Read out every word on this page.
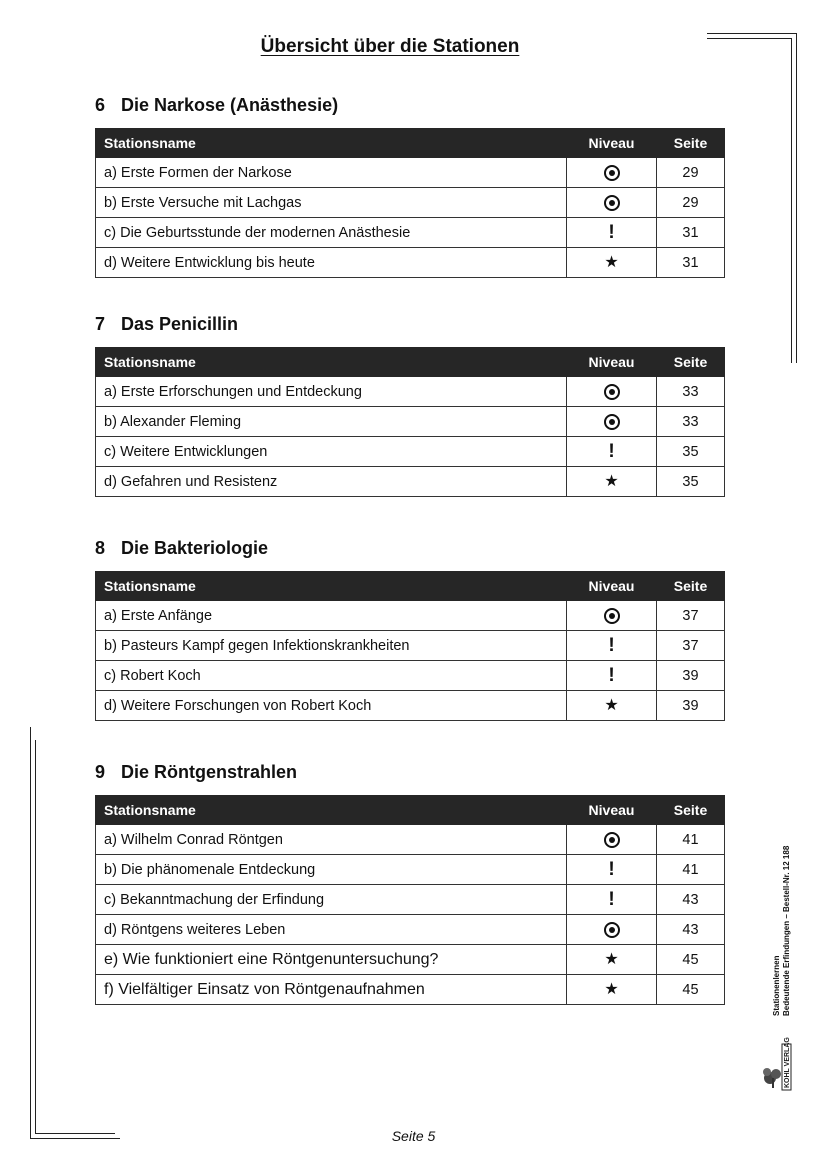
Übersicht über die Stationen
6 Die Narkose (Anästhesie)
Stationsname	Niveau	Seite
a) Erste Formen der Narkose		29
b) Erste Versuche mit Lachgas		29
c) Die Geburtsstunde der modernen Anästhesie	!	31
d) Weitere Entwicklung bis heute	★	31
7 Das Penicillin
Stationsname	Niveau	Seite
a) Erste Erforschungen und Entdeckung		33
b) Alexander Fleming		33
c) Weitere Entwicklungen	!	35
d) Gefahren und Resistenz	★	35
8 Die Bakteriologie
Stationsname	Niveau	Seite
a) Erste Anfänge		37
b) Pasteurs Kampf gegen Infektionskrankheiten	!	37
c) Robert Koch	!	39
d) Weitere Forschungen von Robert Koch	★	39
9 Die Röntgenstrahlen
Stationsname	Niveau	Seite
a) Wilhelm Conrad Röntgen		41
b) Die phänomenale Entdeckung	!	41
c) Bekanntmachung der Erfindung	!	43
d) Röntgens weiteres Leben		43
e) Wie funktioniert eine Röntgenuntersuchung?	★	45
f) Vielfältiger Einsatz von Röntgenaufnahmen	★	45
Seite 5
Stationenlernen Bedeutende Erfindungen – Bestell-Nr. 12 188
KOHL VERLAG
